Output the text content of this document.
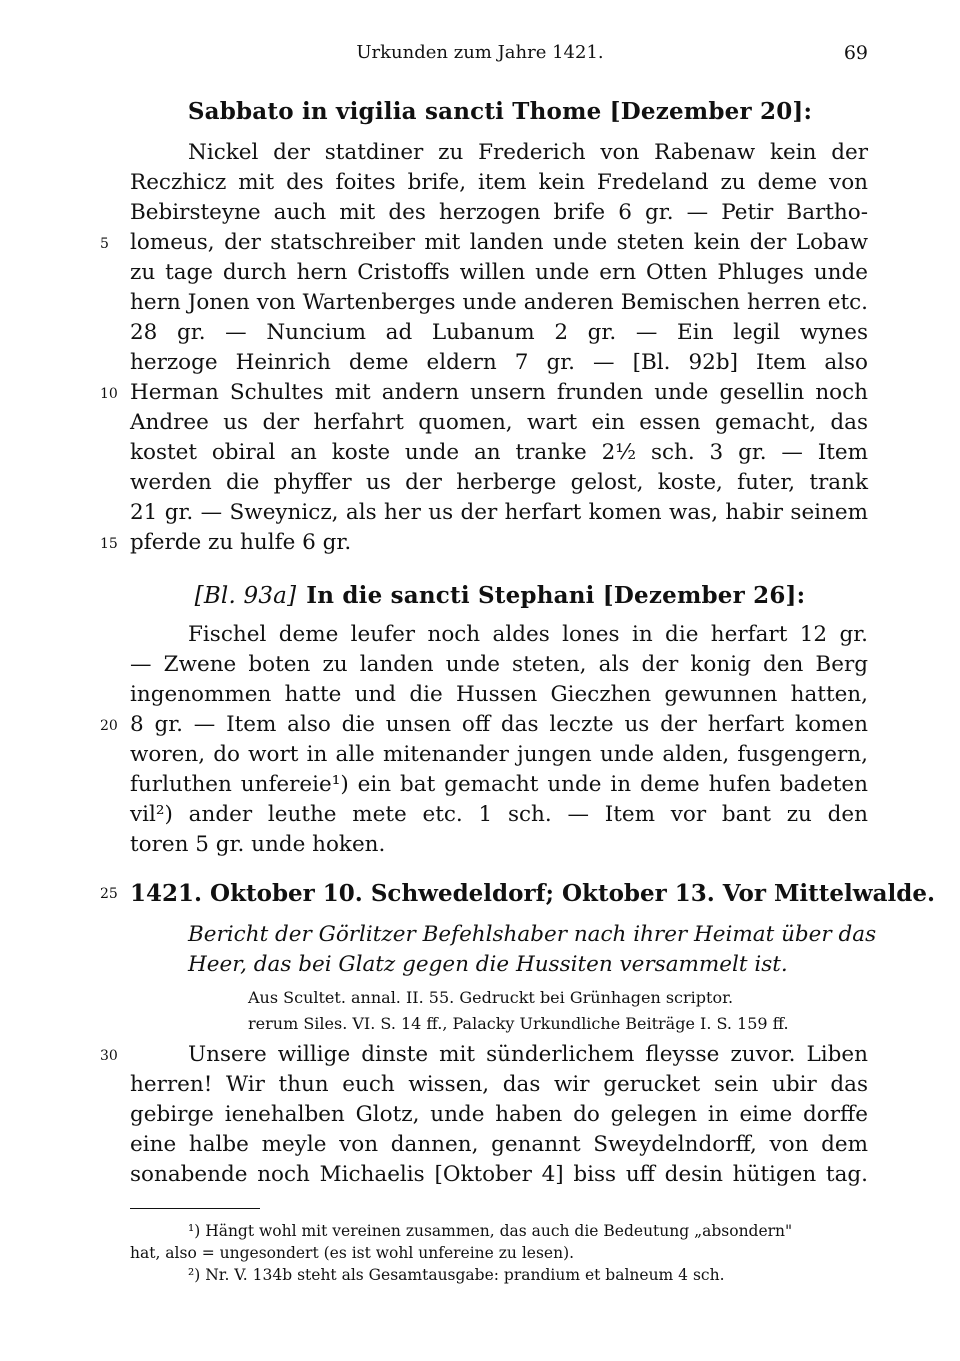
Urkunden zum Jahre 1421.	69
Sabbato in vigilia sancti Thome [Dezember 20]:
Nickel der statdiner zu Frederich von Rabenaw kein der
Reczhicz mit des foites brife, item kein Fredeland zu deme von
Bebirsteyne auch mit des herzogen brife 6 gr. — Petir Bartho-
lomeus, der statschreiber mit landen unde steten kein der Lobaw
zu tage durch hern Cristoffs willen unde ern Otten Phluges unde
hern Jonen von Wartenberges unde anderen Bemischen herren etc.
28 gr. — Nuncium ad Lubanum 2 gr. — Ein legil wynes
herzoge Heinrich deme eldern 7 gr. — [Bl. 92b] Item also
Herman Schultes mit andern unsern frunden unde gesellin noch
Andree us der herfahrt quomen, wart ein essen gemacht, das
kostet obiral an koste unde an tranke 2½ sch. 3 gr. — Item
werden die phyffer us der herberge gelost, koste, futer, trank
21 gr. — Sweynicz, als her us der herfart komen was, habir seinem
pferde zu hulfe 6 gr.
[Bl. 93a] In die sancti Stephani [Dezember 26]:
Fischel deme leufer noch aldes lones in die herfart 12 gr.
— Zwene boten zu landen unde steten, als der konig den Berg
ingenommen hatte und die Hussen Gieczhen gewunnen hatten,
8 gr. — Item also die unsen off das leczte us der herfart komen
woren, do wort in alle mitenander jungen unde alden, fusgengern,
furluthen unfereie¹) ein bat gemacht unde in deme hufen badeten
vil²) ander leuthe mete etc. 1 sch. — Item vor bant zu den
toren 5 gr. unde hoken.
1421. Oktober 10. Schwedeldorf; Oktober 13. Vor Mittelwalde.
Bericht der Görlitzer Befehlshaber nach ihrer Heimat über das
Heer, das bei Glatz gegen die Hussiten versammelt ist.
Aus Scultet. annal. II. 55. Gedruckt bei Grünhagen scriptor.
rerum Siles. VI. S. 14 ff., Palacky Urkundliche Beiträge I. S. 159 ff.
Unsere willige dinste mit sünderlichem fleysse zuvor. Liben
herren! Wir thun euch wissen, das wir gerucket sein ubir das
gebirge ienehalben Glotz, unde haben do gelegen in eime dorffe
eine halbe meyle von dannen, genannt Sweydelndorff, von dem
sonabende noch Michaelis [Oktober 4] biss uff desin hütigen tag.
5
10
15
20
25
30
¹) Hängt wohl mit vereinen zusammen, das auch die Bedeutung „absondern"
hat, also = ungesondert (es ist wohl unfereine zu lesen).
²) Nr. V. 134b steht als Gesamtausgabe: prandium et balneum 4 sch.
